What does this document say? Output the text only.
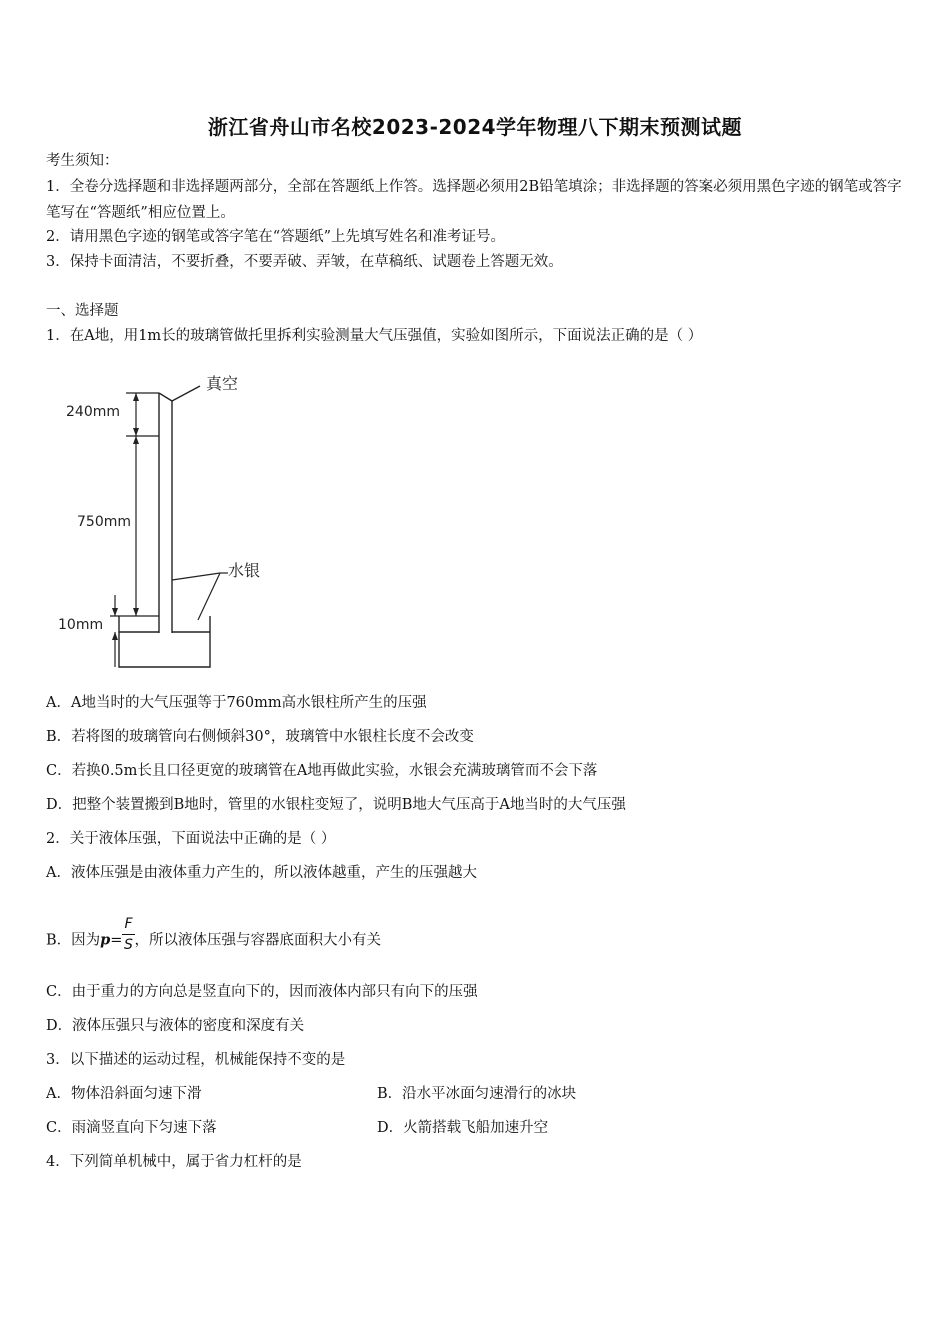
浙江省舟山市名校2023-2024学年物理八下期末预测试题
考生须知：
1．全卷分选择题和非选择题两部分，全部在答题纸上作答。选择题必须用2B铅笔填涂；非选择题的答案必须用黑色字迹的钢笔或答字笔写在“答题纸”相应位置上。
2．请用黑色字迹的钢笔或答字笔在“答题纸”上先填写姓名和准考证号。
3．保持卡面清洁，不要折叠，不要弄破、弄皱，在草稿纸、试题卷上答题无效。
一、选择题
1．在A地，用1m长的玻璃管做托里拆利实验测量大气压强值，实验如图所示，下面说法正确的是（ ）
240mm
750mm
10mm
真空
水银
A．A地当时的大气压强等于760mm高水银柱所产生的压强
B．若将图的玻璃管向右侧倾斜30°，玻璃管中水银柱长度不会改变
C．若换0.5m长且口径更宽的玻璃管在A地再做此实验，水银会充满玻璃管而不会下落
D．把整个装置搬到B地时，管里的水银柱变短了，说明B地大气压高于A地当时的大气压强
2．关于液体压强，下面说法中正确的是（ ）
A．液体压强是由液体重力产生的，所以液体越重，产生的压强越大
B．因为$p= \frac{F}{S}$ ，所以液体压强与容器底面积大小有关
C．由于重力的方向总是竖直向下的，因而液体内部只有向下的压强
D．液体压强只与液体的密度和深度有关
3．以下描述的运动过程，机械能保持不变的是
A．物体沿斜面匀速下滑	B．沿水平冰面匀速滑行的冰块
C．雨滴竖直向下匀速下落	D．火箭搭载飞船加速升空
4．下列简单机械中，属于省力杠杆的是
